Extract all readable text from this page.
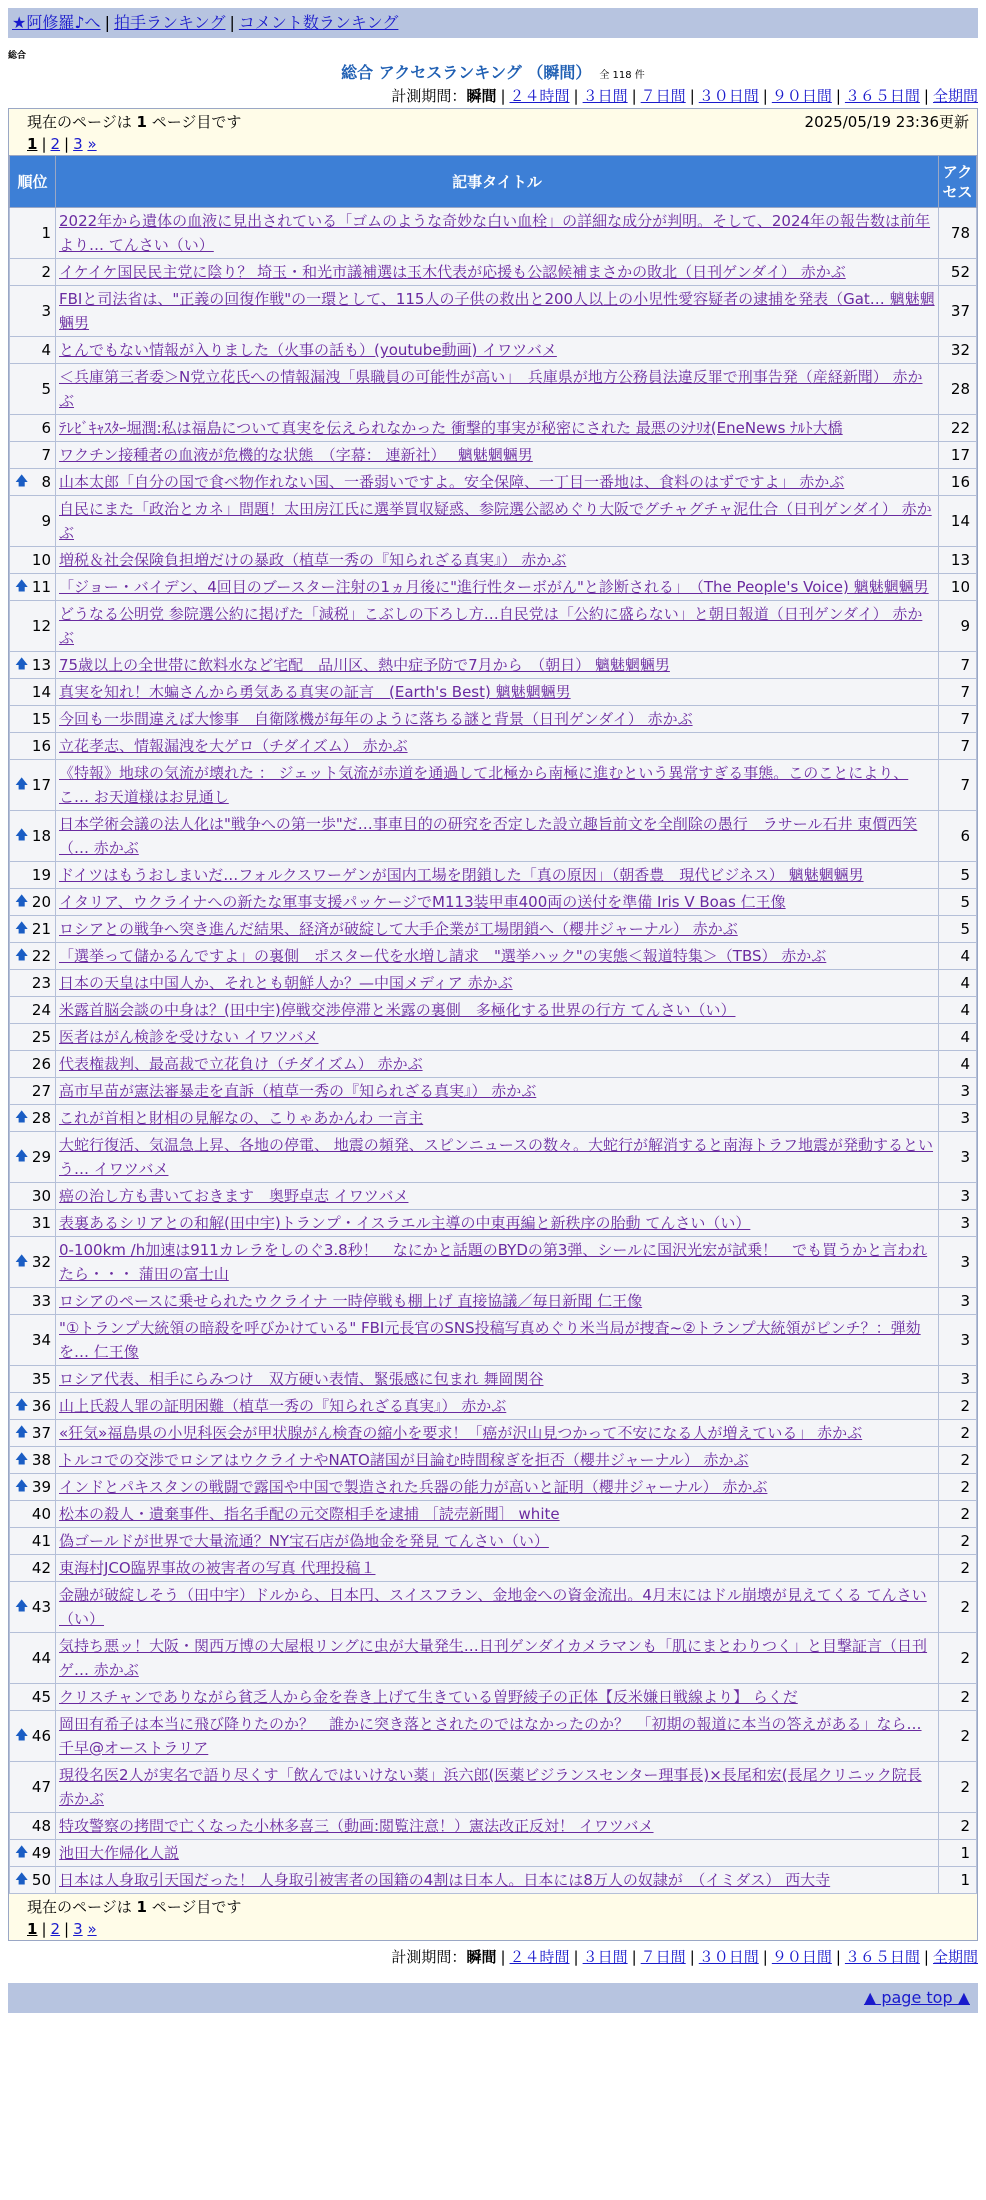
★阿修羅♪へ | 拍手ランキング | コメント数ランキング
総合
総合 アクセスランキング （瞬間） 全 118 件
計測期間：瞬間 | ２４時間 | ３日間 | ７日間 | ３０日間 | ９０日間 | ３６５日間 | 全期間
現在のページは 1 ページ目です	2025/05/19 23:36更新
1 | 2 | 3 »
順位	記事タイトル	アクセス
1	2022年から遺体の血液に見出されている「ゴムのような奇妙な白い血栓」の詳細な成分が判明。そして、2024年の報告数は前年より… てんさい（い）	78
2	イケイケ国民民主党に陰り？ 埼玉・和光市議補選は玉木代表が応援も公認候補まさかの敗北（日刊ゲンダイ） 赤かぶ	52
3	FBIと司法省は、"正義の回復作戦"の一環として、115人の子供の救出と200人以上の小児性愛容疑者の逮捕を発表（Gat… 魑魅魍魎男	37
4	とんでもない情報が入りました（火事の話も）(youtube動画) イワツバメ	32
5	＜兵庫第三者委＞N党立花氏への情報漏洩「県職員の可能性が高い」　兵庫県が地方公務員法違反罪で刑事告発（産経新聞） 赤かぶ	28
6	ﾃﾚﾋﾞｷｬｽﾀｰ堀潤:私は福島について真実を伝えられなかった 衝撃的事実が秘密にされた 最悪のｼﾅﾘｵ(EneNews ﾅﾙﾄ大橋	22
7	ワクチン接種者の血液が危機的な状態　（字幕： 連新社）　 魑魅魍魎男	17

🡅 8	山本太郎「自分の国で食べ物作れない国、一番弱いですよ。安全保障、一丁目一番地は、食料のはずですよ」 赤かぶ	16
9	自民にまた「政治とカネ」問題！太田房江氏に選挙買収疑惑、参院選公認めぐり大阪でグチャグチャ泥仕合（日刊ゲンダイ） 赤かぶ	14
10	増税＆社会保険負担増だけの暴政（植草一秀の『知られざる真実』） 赤かぶ	13

🡅 11	「ジョー・バイデン、4回目のブースター注射の1ヵ月後に"進行性ターボがん"と診断される」　（The People's Voice) 魑魅魍魎男	10
12	どうなる公明党 参院選公約に掲げた「減税」こぶしの下ろし方…自民党は「公約に盛らない」と朝日報道（日刊ゲンダイ） 赤かぶ	9

🡅 13	75歳以上の全世帯に飲料水など宅配　品川区、熱中症予防で7月から　（朝日） 魑魅魍魎男	7
14	真実を知れ！木蝙さんから勇気ある真実の証言　(Earth's Best) 魑魅魍魎男	7
15	今回も一歩間違えば大惨事　自衛隊機が毎年のように落ちる謎と背景（日刊ゲンダイ） 赤かぶ	7
16	立花孝志、情報漏洩を大ゲロ（チダイズム） 赤かぶ	7

🡅 17	《特報》地球の気流が壊れた ： ジェット気流が赤道を通過して北極から南極に進むという異常すぎる事態。このことにより、こ… お天道様はお見通し	7

🡅 18	日本学術会議の法人化は"戦争への第一歩"だ…事車目的の研究を否定した設立趣旨前文を全削除の愚行　ラサール石井 東價西笑（… 赤かぶ	6
19	ドイツはもうおしまいだ…フォルクスワーゲンが国内工場を閉鎖した「真の原因」（朝香豊　現代ビジネス） 魑魅魍魎男	5

🡅 20	イタリア、ウクライナへの新たな軍事支援パッケージでM113装甲車400両の送付を準備 Iris V Boas 仁王像	5

🡅 21	ロシアとの戦争へ突き進んだ結果、経済が破綻して大手企業が工場閉鎖へ（櫻井ジャーナル） 赤かぶ	5

🡅 22	「選挙って儲かるんですよ」の裏側　ポスター代を水増し請求　"選挙ハック"の実態＜報道特集＞（TBS） 赤かぶ	4
23	日本の天皇は中国人か、それとも朝鮮人か？—中国メディア 赤かぶ	4
24	米露首脳会談の中身は？(田中宇)停戦交渉停滞と米露の裏側　多極化する世界の行方 てんさい（い）	4
25	医者はがん検診を受けない イワツバメ	4
26	代表権裁判、最高裁で立花負け（チダイズム） 赤かぶ	4
27	高市早苗が憲法審暴走を直訴（植草一秀の『知られざる真実』） 赤かぶ	3

🡅 28	これが首相と財相の見解なの、こりゃあかんわ 一言主	3

🡅 29	大蛇行復活、気温急上昇、各地の停電、 地震の頻発、スピンニュースの数々。大蛇行が解消すると南海トラフ地震が発動するという… イワツバメ	3
30	癌の治し方も書いておきます　奥野卓志 イワツバメ	3
31	表裏あるシリアとの和解(田中宇)トランプ・イスラエル主導の中東再編と新秩序の胎動 てんさい（い）	3

🡅 32	0-100km /h加速は911カレラをしのぐ3.8秒！　なにかと話題のBYDの第3弾、シールに国沢光宏が試乗！　でも買うかと言われたら・・・ 蒲田の富士山	3
33	ロシアのペースに乗せられたウクライナ 一時停戦も棚上げ 直接協議／毎日新聞 仁王像	3
34	"①トランプ大統領の暗殺を呼びかけている" FBI元長官のSNS投稿写真めぐり米当局が捜査~②トランプ大統領がピンチ？：弾劾を… 仁王像	3
35	ロシア代表、相手にらみつけ　双方硬い表情、緊張感に包まれ 舞岡関谷	3

🡅 36	山上氏殺人罪の証明困難（植草一秀の『知られざる真実』） 赤かぶ	2

🡅 37	«狂気»福島県の小児科医会が甲状腺がん検査の縮小を要求！「癌が沢山見つかって不安になる人が増えている」 赤かぶ	2

🡅 38	トルコでの交渉でロシアはウクライナやNATO諸国が目論む時間稼ぎを拒否（櫻井ジャーナル） 赤かぶ	2

🡅 39	インドとパキスタンの戦闘で露国や中国で製造された兵器の能力が高いと証明（櫻井ジャーナル） 赤かぶ	2
40	松本の殺人・遺棄事件、指名手配の元交際相手を逮捕 ［読売新聞］ white	2
41	偽ゴールドが世界で大量流通？NY宝石店が偽地金を発見 てんさい（い）	2
42	東海村JCO臨界事故の被害者の写真 代理投稿１	2

🡅 43	金融が破綻しそう（田中宇）ドルから、日本円、スイスフラン、金地金への資金流出。4月末にはドル崩壊が見えてくる てんさい（い）	2
44	気持ち悪ッ！大阪・関西万博の大屋根リングに虫が大量発生…日刊ゲンダイカメラマンも「肌にまとわりつく」と目撃証言（日刊ゲ… 赤かぶ	2
45	クリスチャンでありながら貧乏人から金を巻き上げて生きている曽野綾子の正体【反米嫌日戦線より】 らくだ	2

🡅 46	岡田有希子は本当に飛び降りたのか？　誰かに突き落とされたのではなかったのか？　「初期の報道に本当の答えがある」なら… 千早@オーストラリア	2
47	現役名医2人が実名で語り尽くす「飲んではいけない薬」浜六郎(医薬ビジランスセンター理事長)×長尾和宏(長尾クリニック院長 赤かぶ	2
48	特攻警察の拷問で亡くなった小林多喜三（動画:閲覧注意！）憲法改正反対！ イワツバメ	2

🡅 49	池田大作帰化人説	1

🡅 50	日本は人身取引天国だった！ 人身取引被害者の国籍の4割は日本人。日本には8万人の奴隷が　（イミダス） 西大寺	1
現在のページは 1 ページ目です
1 | 2 | 3 »
計測期間：瞬間 | ２４時間 | ３日間 | ７日間 | ３０日間 | ９０日間 | ３６５日間 | 全期間
▲ page top ▲
